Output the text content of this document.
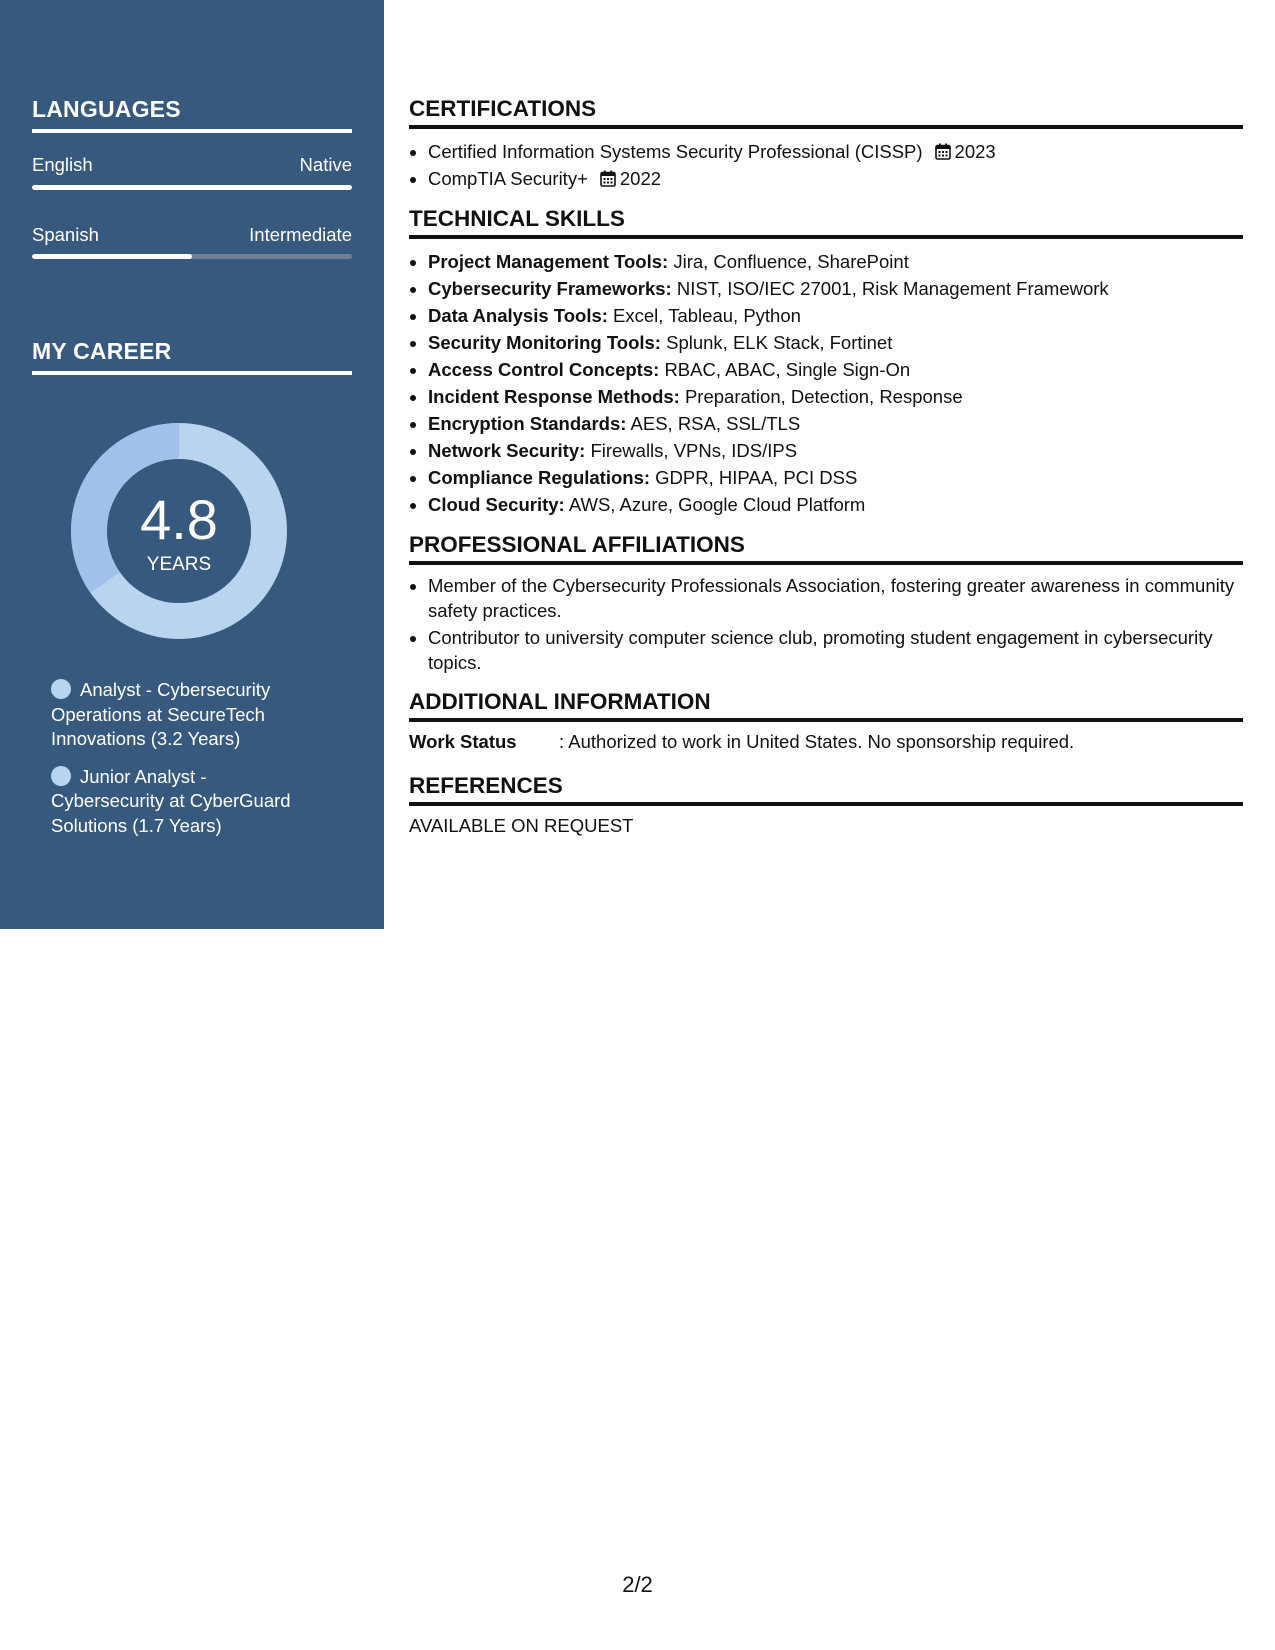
LANGUAGES
English	Native
Spanish	Intermediate
MY CAREER
4.8
YEARS
Analyst - Cybersecurity Operations at SecureTech Innovations (3.2 Years)
Junior Analyst - Cybersecurity at CyberGuard Solutions (1.7 Years)
CERTIFICATIONS
• Certified Information Systems Security Professional (CISSP) 2023
• CompTIA Security+ 2022
TECHNICAL SKILLS
• Project Management Tools: Jira, Confluence, SharePoint
• Cybersecurity Frameworks: NIST, ISO/IEC 27001, Risk Management Framework
• Data Analysis Tools: Excel, Tableau, Python
• Security Monitoring Tools: Splunk, ELK Stack, Fortinet
• Access Control Concepts: RBAC, ABAC, Single Sign-On
• Incident Response Methods: Preparation, Detection, Response
• Encryption Standards: AES, RSA, SSL/TLS
• Network Security: Firewalls, VPNs, IDS/IPS
• Compliance Regulations: GDPR, HIPAA, PCI DSS
• Cloud Security: AWS, Azure, Google Cloud Platform
PROFESSIONAL AFFILIATIONS
• Member of the Cybersecurity Professionals Association, fostering greater awareness in community safety practices.
• Contributor to university computer science club, promoting student engagement in cybersecurity topics.
ADDITIONAL INFORMATION
Work Status : Authorized to work in United States. No sponsorship required.
REFERENCES
AVAILABLE ON REQUEST
2/2
